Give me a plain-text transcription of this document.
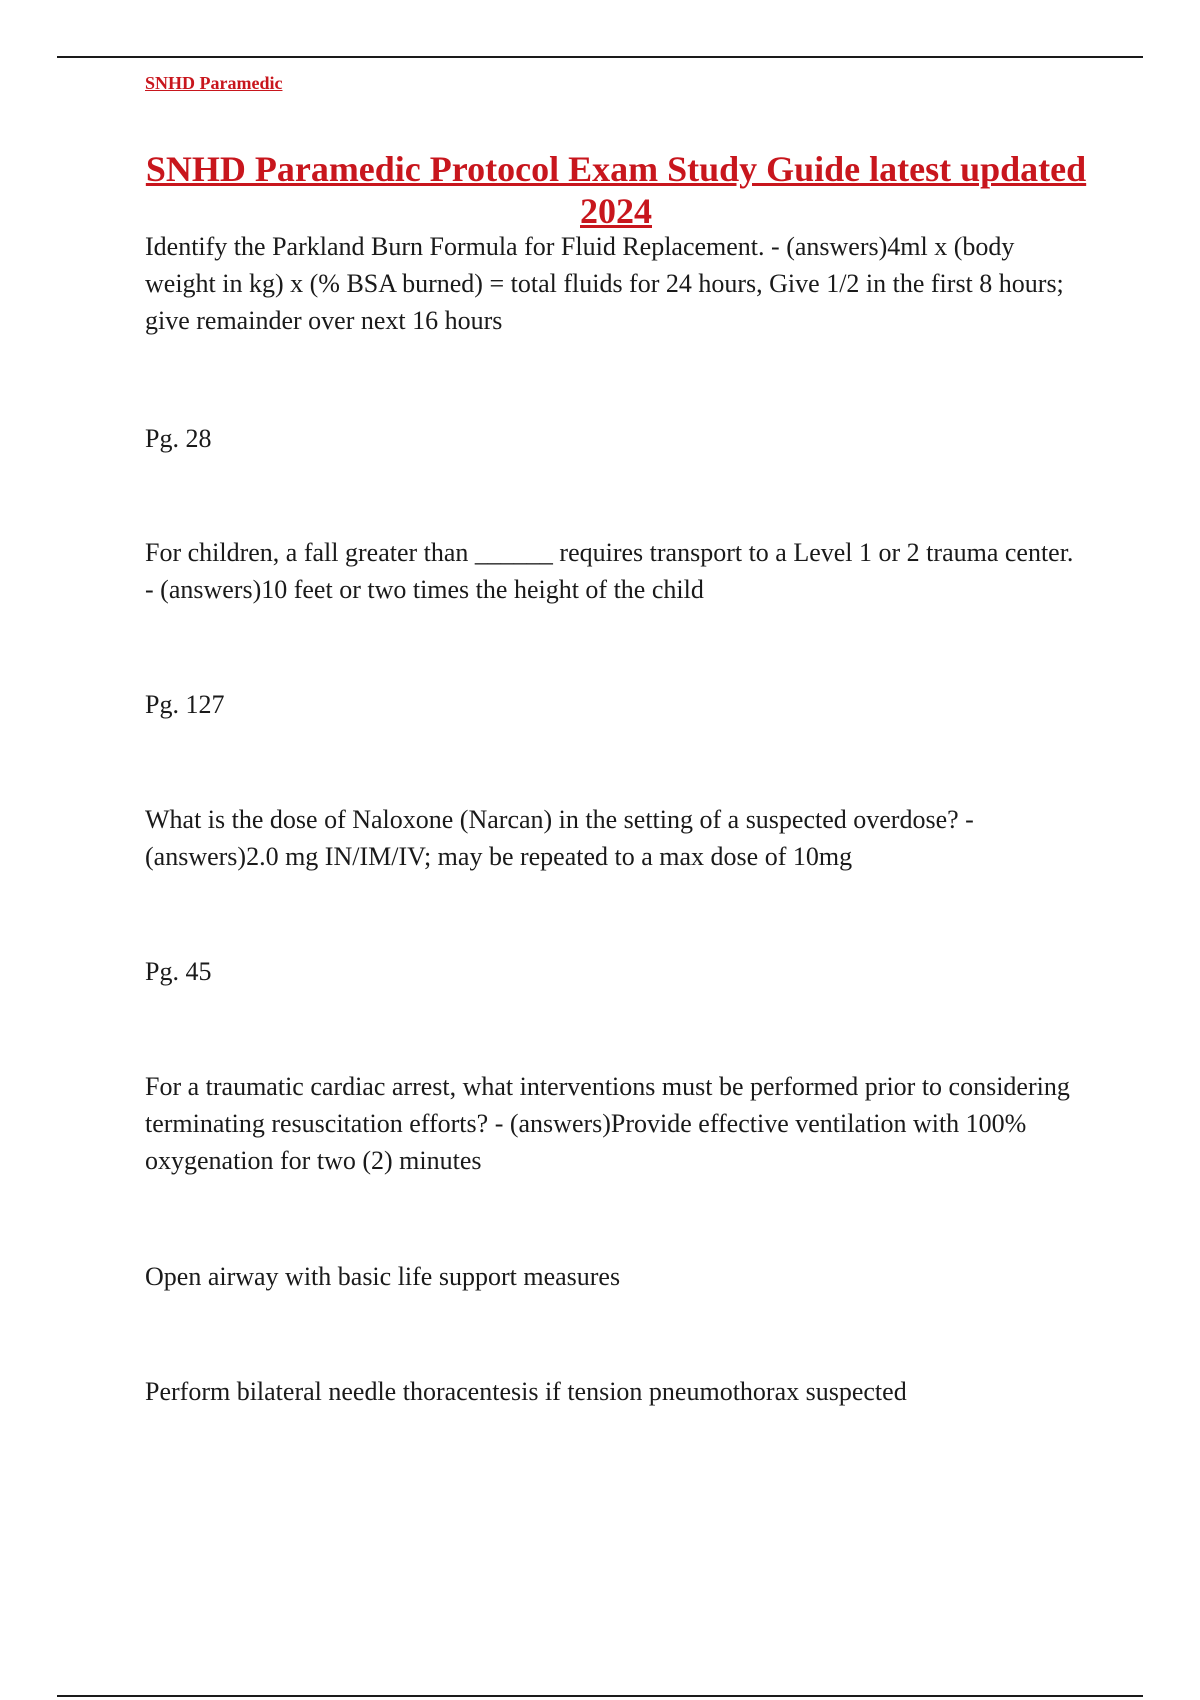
SNHD Paramedic
SNHD Paramedic Protocol Exam Study Guide latest updated 2024

Identify the Parkland Burn Formula for Fluid Replacement. - (answers)4ml x (body weight in kg) x (% BSA burned) = total fluids for 24 hours, Give 1/2 in the first 8 hours; give remainder over next 16 hours

Pg. 28

For children, a fall greater than ______ requires transport to a Level 1 or 2 trauma center. - (answers)10 feet or two times the height of the child

Pg. 127

What is the dose of Naloxone (Narcan) in the setting of a suspected overdose? - (answers)2.0 mg IN/IM/IV; may be repeated to a max dose of 10mg

Pg. 45

For a traumatic cardiac arrest, what interventions must be performed prior to considering terminating resuscitation efforts? - (answers)Provide effective ventilation with 100% oxygenation for two (2) minutes

Open airway with basic life support measures

Perform bilateral needle thoracentesis if tension pneumothorax suspected
